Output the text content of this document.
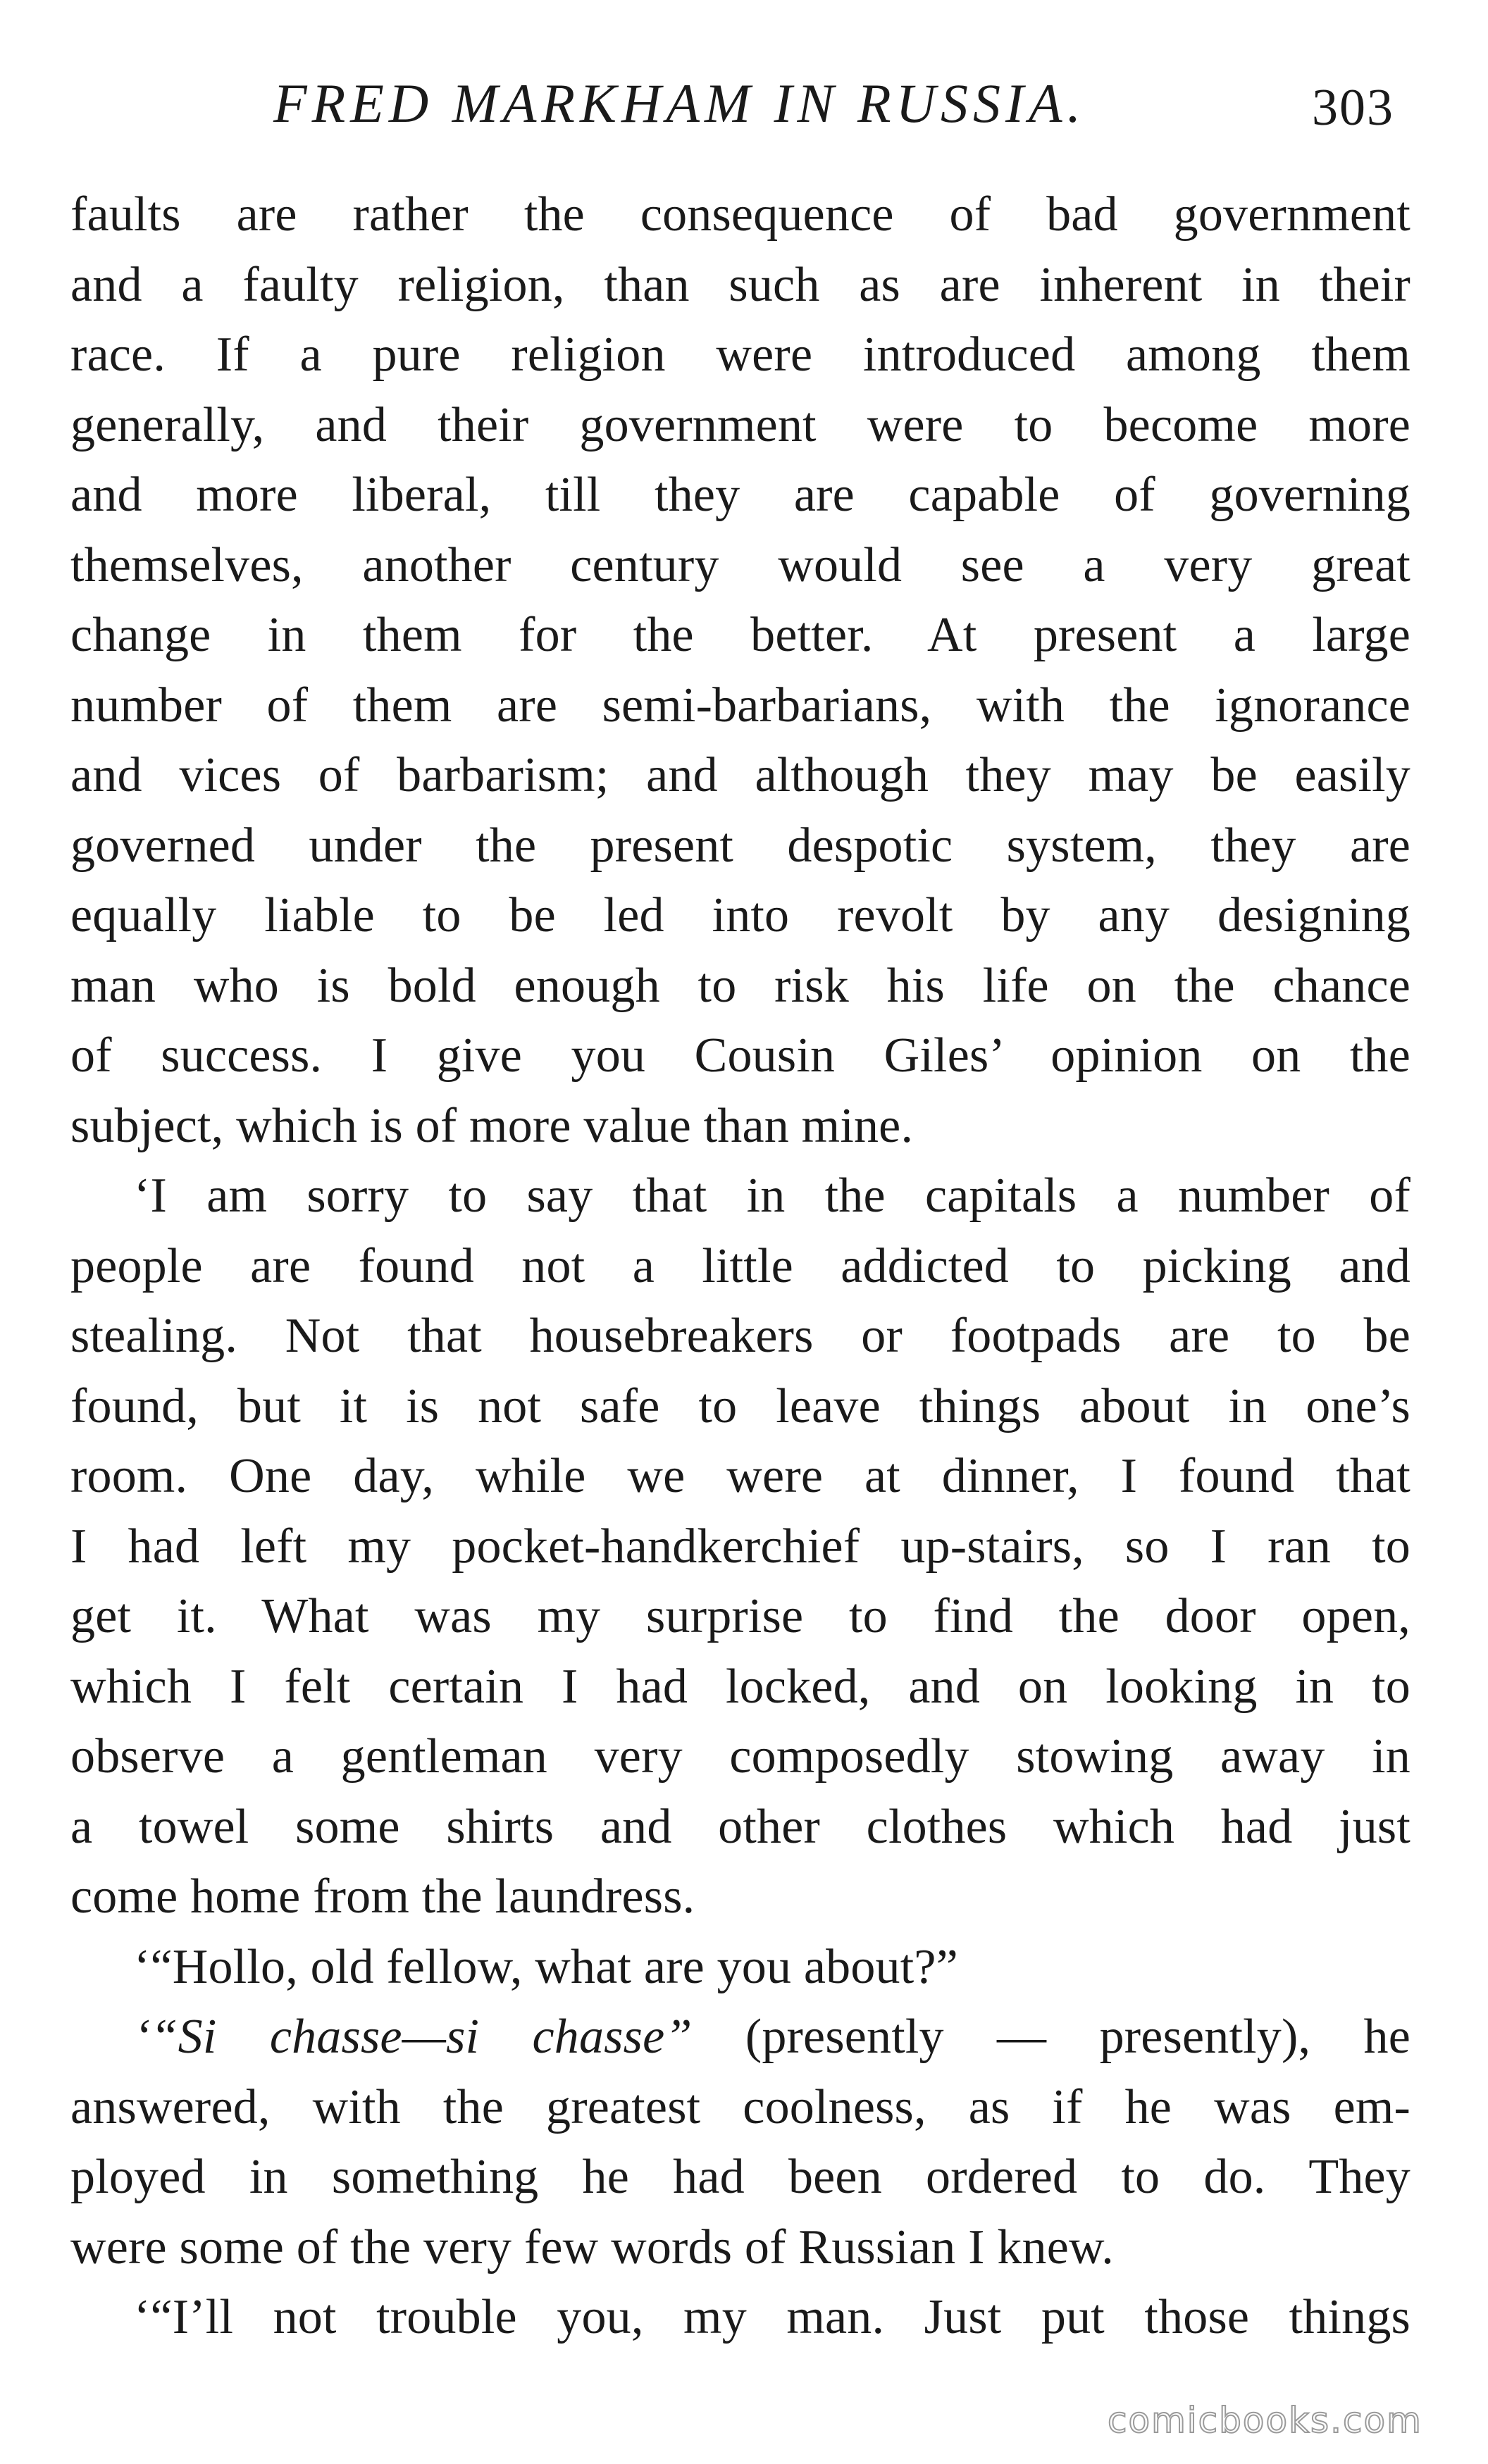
FRED MARKHAM IN RUSSIA.	303
faults are rather the consequence of bad government
and a faulty religion, than such as are inherent in their
race. If a pure religion were introduced among them
generally, and their government were to become more
and more liberal, till they are capable of governing
themselves, another century would see a very great
change in them for the better. At present a large
number of them are semi-barbarians, with the ignorance
and vices of barbarism; and although they may be easily
governed under the present despotic system, they are
equally liable to be led into revolt by any designing
man who is bold enough to risk his life on the chance
of success. I give you Cousin Giles’ opinion on the
subject, which is of more value than mine.
‘I am sorry to say that in the capitals a number of
people are found not a little addicted to picking and
stealing. Not that housebreakers or footpads are to be
found, but it is not safe to leave things about in one’s
room. One day, while we were at dinner, I found that
I had left my pocket-handkerchief up-stairs, so I ran to
get it. What was my surprise to find the door open,
which I felt certain I had locked, and on looking in to
observe a gentleman very composedly stowing away in
a towel some shirts and other clothes which had just
come home from the laundress.
‘“Hollo, old fellow, what are you about?”
‘“Si chasse—si chasse” (presently — presently), he
answered, with the greatest coolness, as if he was em-
ployed in something he had been ordered to do. They
were some of the very few words of Russian I knew.
‘“I’ll not trouble you, my man. Just put those things
comicbooks.com
